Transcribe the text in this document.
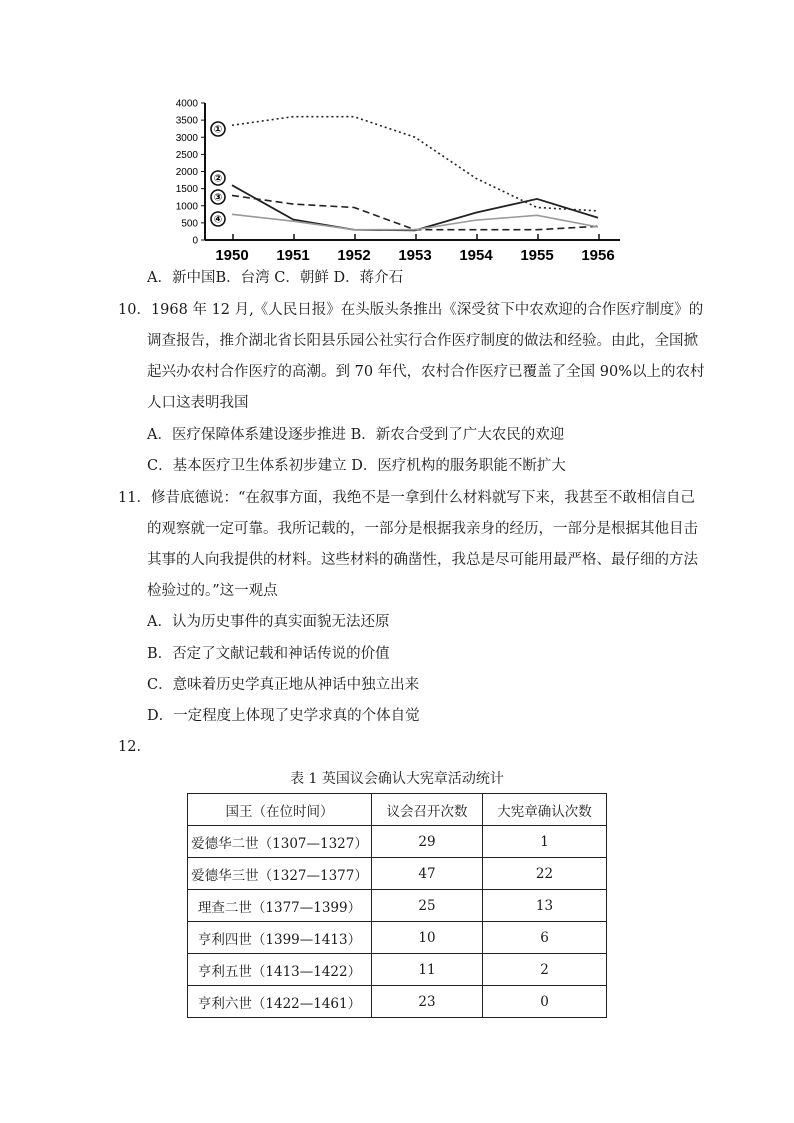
0
500
1000
1500
2000
2500
3000
3500
4000
1950 1951 1952 1953 1954 1955 1956
①
②
③
④
A．新中国B．台湾 C．朝鲜 D．蒋介石
10．1968 年 12 月,《人民日报》在头版头条推出《深受贫下中农欢迎的合作医疗制度》的
调查报告，推介湖北省长阳县乐园公社实行合作医疗制度的做法和经验。由此，全国掀
起兴办农村合作医疗的高潮。到 70 年代，农村合作医疗已覆盖了全国 90%以上的农村
人口这表明我国
A．医疗保障体系建设逐步推进 B．新农合受到了广大农民的欢迎
C．基本医疗卫生体系初步建立 D．医疗机构的服务职能不断扩大
11．修昔底德说：“在叙事方面，我绝不是一拿到什么材料就写下来，我甚至不敢相信自己
的观察就一定可靠。我所记载的，一部分是根据我亲身的经历，一部分是根据其他目击
其事的人向我提供的材料。这些材料的确凿性，我总是尽可能用最严格、最仔细的方法
检验过的。”这一观点
A．认为历史事件的真实面貌无法还原
B．否定了文献记载和神话传说的价值
C．意味着历史学真正地从神话中独立出来
D．一定程度上体现了史学求真的个体自觉
12．
表 1 英国议会确认大宪章活动统计
国王（在位时间）	议会召开次数	大宪章确认次数
爱德华二世（1307—1327）	29	1
爱德华三世（1327—1377）	47	22
理查二世（1377—1399）	25	13
亨利四世（1399—1413）	10	6
亨利五世（1413—1422）	11	2
亨利六世（1422—1461）	23	0
